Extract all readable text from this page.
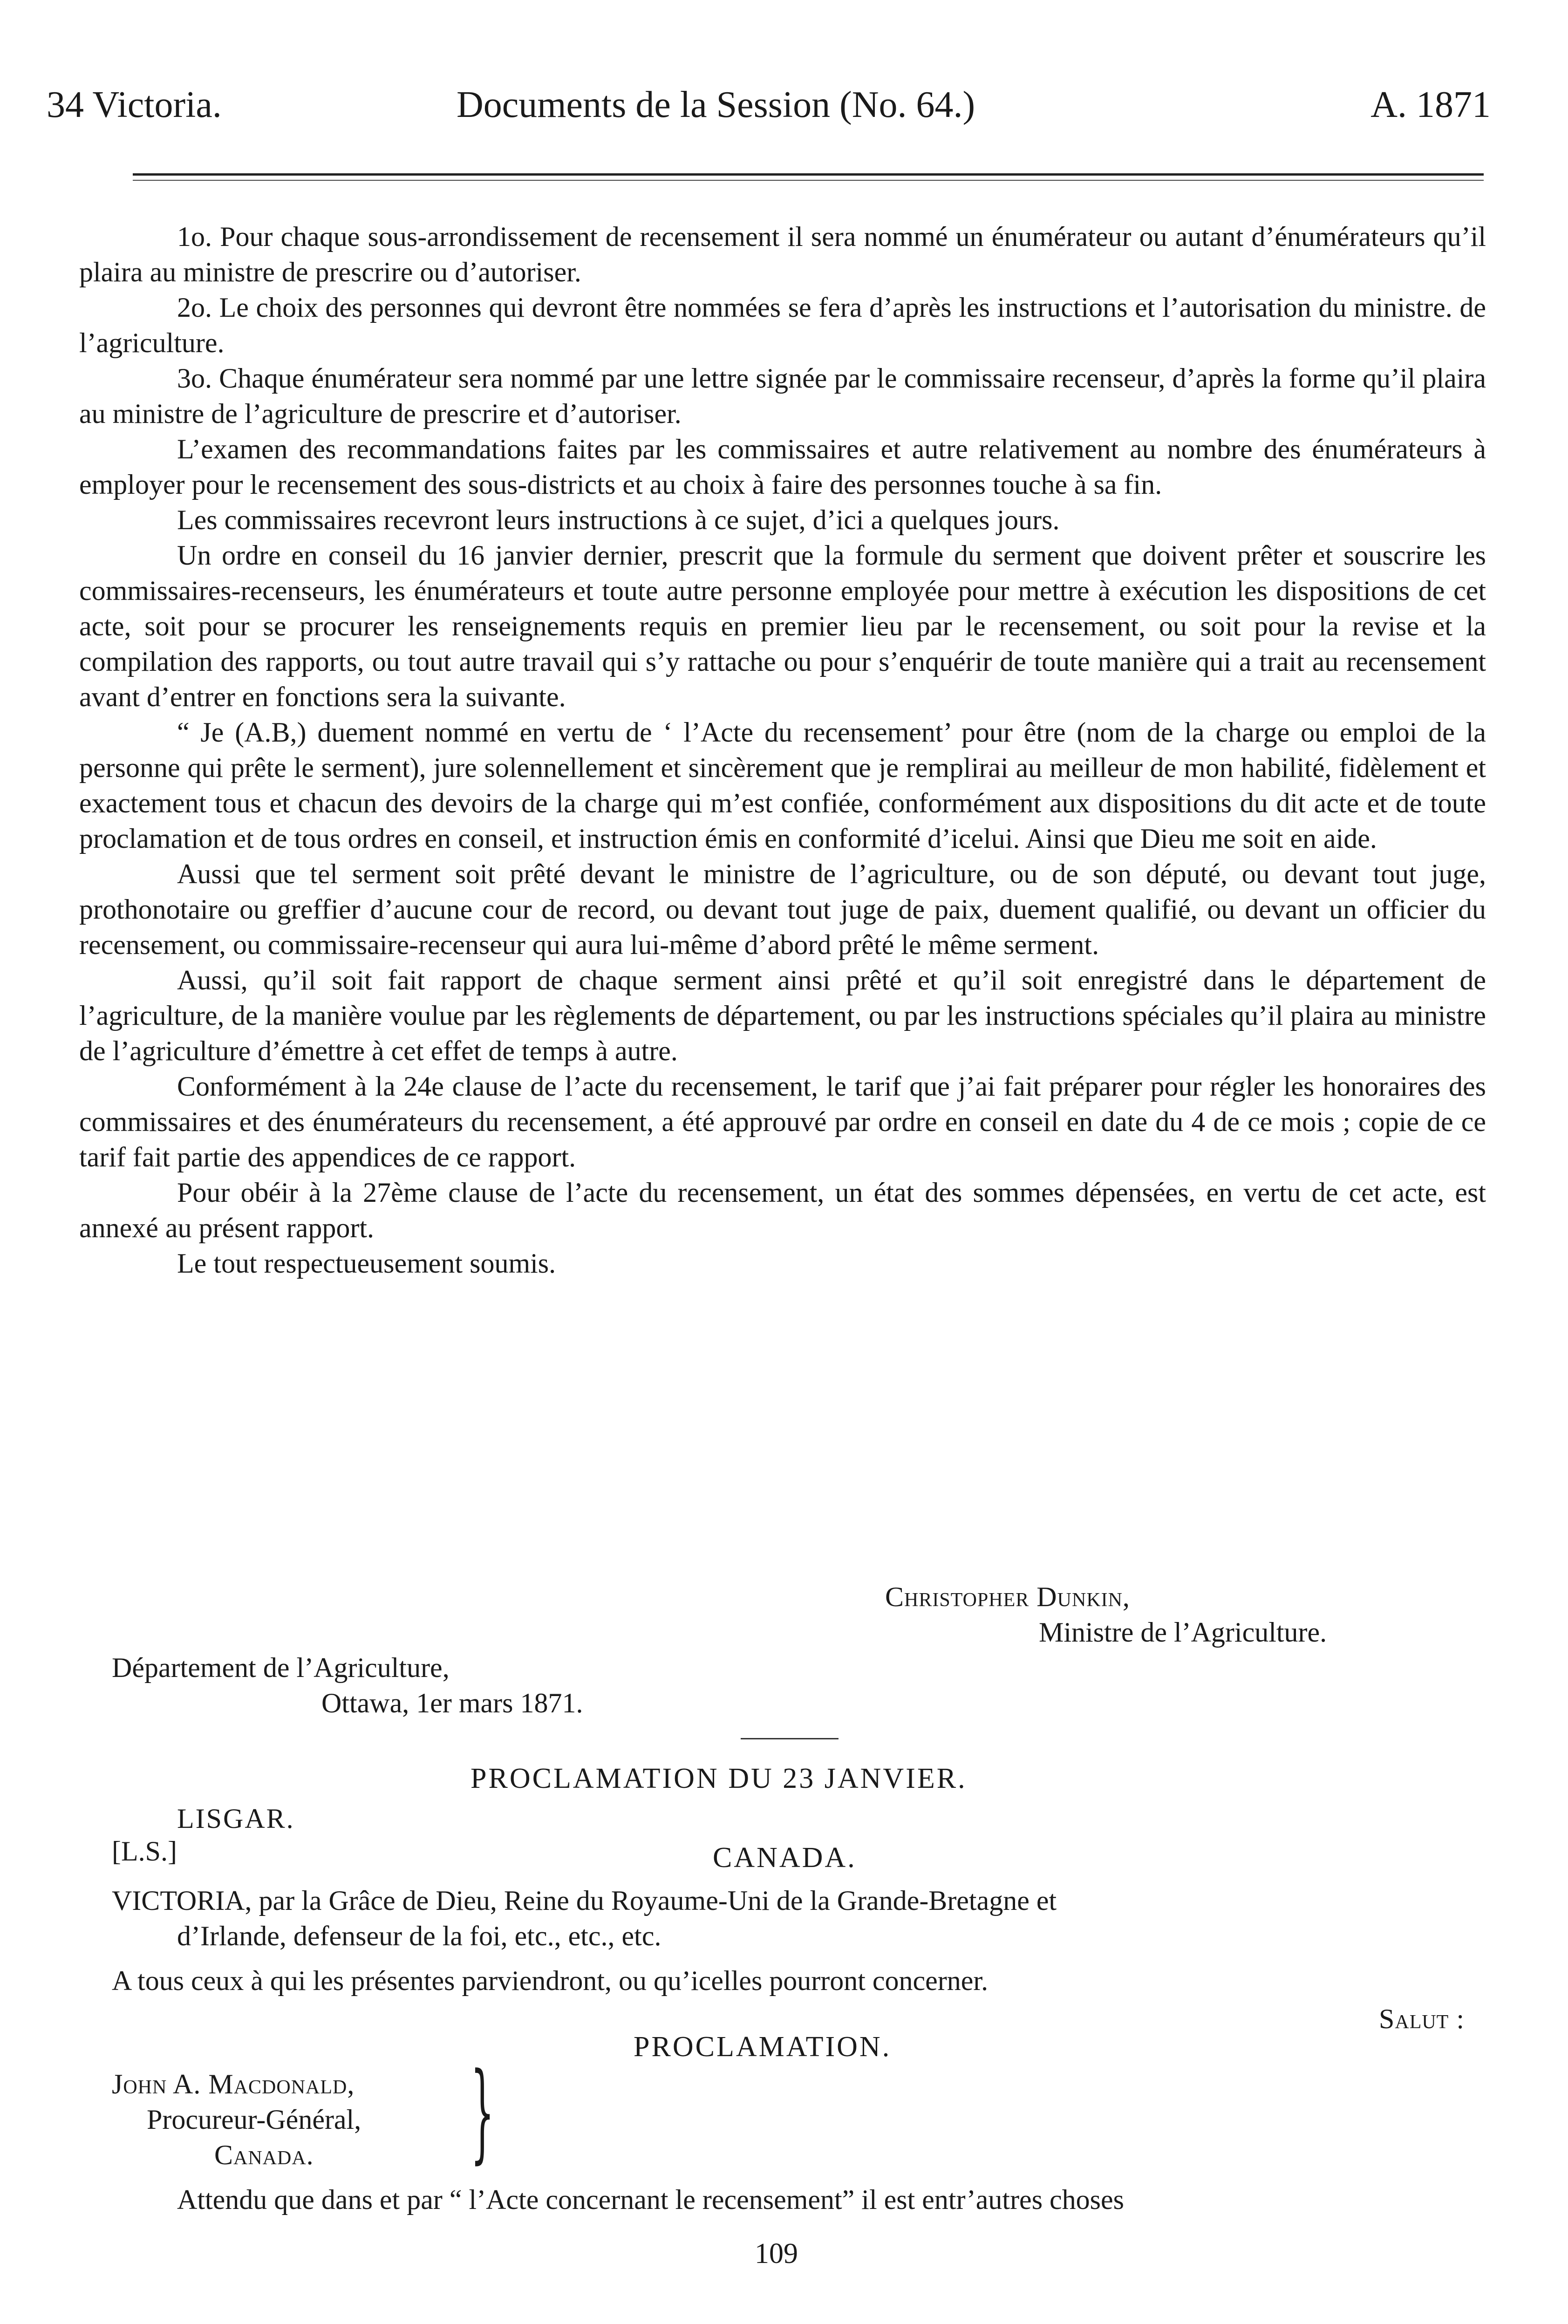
34 Victoria.	Documents de la Session (No. 64.)	A. 1871

1o. Pour chaque sous-arrondissement de recensement il sera nommé un énumérateur ou autant d’énumérateurs qu’il plaira au ministre de prescrire ou d’autoriser.

2o. Le choix des personnes qui devront être nommées se fera d’après les instructions et l’autorisation du ministre. de l’agriculture.

3o. Chaque énumérateur sera nommé par une lettre signée par le commissaire recenseur, d’après la forme qu’il plaira au ministre de l’agriculture de prescrire et d’autoriser.

L’examen des recommandations faites par les commissaires et autre relativement au nombre des énumérateurs à employer pour le recensement des sous-districts et au choix à faire des personnes touche à sa fin.

Les commissaires recevront leurs instructions à ce sujet, d’ici a quelques jours.

Un ordre en conseil du 16 janvier dernier, prescrit que la formule du serment que doivent prêter et souscrire les commissaires-recenseurs, les énumérateurs et toute autre personne employée pour mettre à exécution les dispositions de cet acte, soit pour se procurer les renseignements requis en premier lieu par le recensement, ou soit pour la revise et la compilation des rapports, ou tout autre travail qui s’y rattache ou pour s’enquérir de toute manière qui a trait au recensement avant d’entrer en fonctions sera la suivante.

“ Je (A.B,) duement nommé en vertu de ‘ l’Acte du recensement’ pour être (nom de la charge ou emploi de la personne qui prête le serment), jure solennellement et sincèrement que je remplirai au meilleur de mon habilité, fidèlement et exactement tous et chacun des devoirs de la charge qui m’est confiée, conformément aux dispositions du dit acte et de toute proclamation et de tous ordres en conseil, et instruction émis en conformité d’icelui. Ainsi que Dieu me soit en aide.

Aussi que tel serment soit prêté devant le ministre de l’agriculture, ou de son député, ou devant tout juge, prothonotaire ou greffier d’aucune cour de record, ou devant tout juge de paix, duement qualifié, ou devant un officier du recensement, ou commissaire-recenseur qui aura lui-même d’abord prêté le même serment.

Aussi, qu’il soit fait rapport de chaque serment ainsi prêté et qu’il soit enregistré dans le département de l’agriculture, de la manière voulue par les règlements de département, ou par les instructions spéciales qu’il plaira au ministre de l’agriculture d’émettre à cet effet de temps à autre.

Conformément à la 24e clause de l’acte du recensement, le tarif que j’ai fait préparer pour régler les honoraires des commissaires et des énumérateurs du recensement, a été approuvé par ordre en conseil en date du 4 de ce mois ; copie de ce tarif fait partie des appendices de ce rapport.

Pour obéir à la 27ème clause de l’acte du recensement, un état des sommes dépensées, en vertu de cet acte, est annexé au présent rapport.

Le tout respectueusement soumis.

Christopher Dunkin,
Ministre de l’Agriculture.
Département de l’Agriculture,
Ottawa, 1er mars 1871.
PROCLAMATION DU 23 JANVIER.
LISGAR.
[L.S.]	CANADA.
VICTORIA, par la Grâce de Dieu, Reine du Royaume-Uni de la Grande-Bretagne et
d’Irlande, defenseur de la foi, etc., etc., etc.
A tous ceux à qui les présentes parviendront, ou qu’icelles pourront concerner.
Salut :
PROCLAMATION.
John A. Macdonald,
Procureur-Général,
Canada. }
Attendu que dans et par “ l’Acte concernant le recensement” il est entr’autres choses
109
